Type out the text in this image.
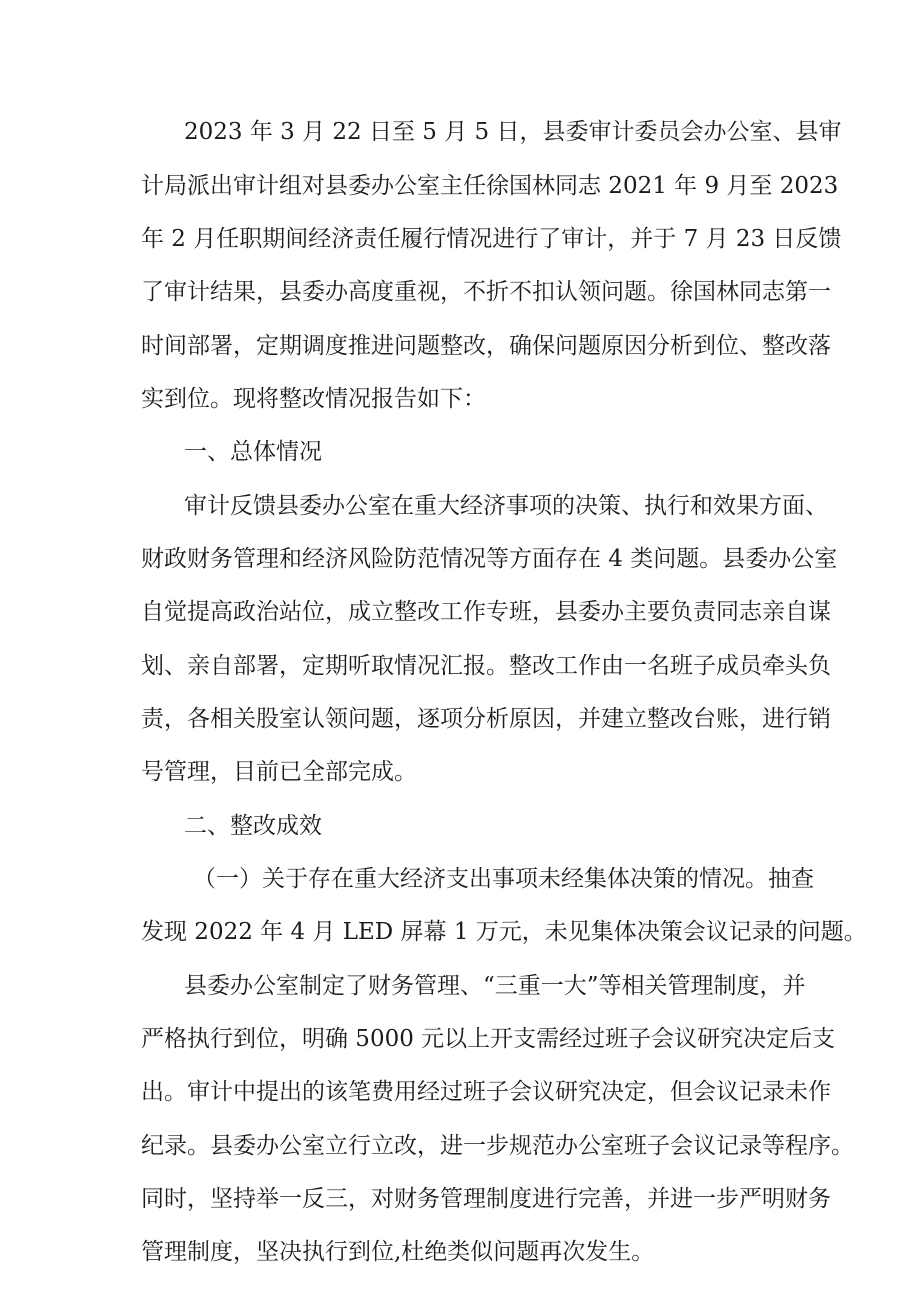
2023 年 3 月 22 日至 5 月 5 日，县委审计委员会办公室、县审

计局派出审计组对县委办公室主任徐国林同志 2021 年 9 月至 2023

年 2 月任职期间经济责任履行情况进行了审计，并于 7 月 23 日反馈

了审计结果，县委办高度重视，不折不扣认领问题。徐国林同志第一

时间部署，定期调度推进问题整改，确保问题原因分析到位、整改落

实到位。现将整改情况报告如下：

一、总体情况

审计反馈县委办公室在重大经济事项的决策、执行和效果方面、

财政财务管理和经济风险防范情况等方面存在 4 类问题。县委办公室

自觉提高政治站位，成立整改工作专班，县委办主要负责同志亲自谋

划、亲自部署，定期听取情况汇报。整改工作由一名班子成员牵头负

责，各相关股室认领问题，逐项分析原因，并建立整改台账，进行销

号管理，目前已全部完成。

二、整改成效

（一）关于存在重大经济支出事项未经集体决策的情况。抽查

发现 2022 年 4 月 LED 屏幕 1 万元，未见集体决策会议记录的问题。

县委办公室制定了财务管理、“三重一大”等相关管理制度，并

严格执行到位，明确 5000 元以上开支需经过班子会议研究决定后支

出。审计中提出的该笔费用经过班子会议研究决定，但会议记录未作

纪录。县委办公室立行立改，进一步规范办公室班子会议记录等程序。

同时，坚持举一反三，对财务管理制度进行完善，并进一步严明财务

管理制度，坚决执行到位,杜绝类似问题再次发生。
